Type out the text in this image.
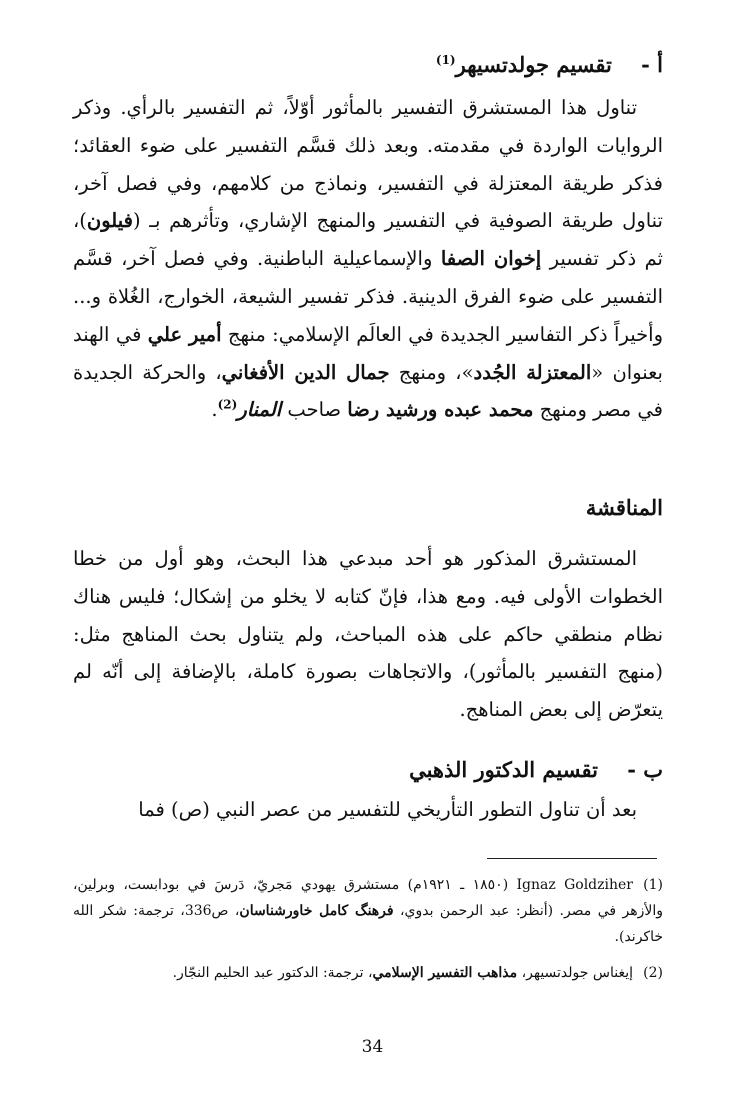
أ -    تقسيم جولدتسيهر$^{(1)}$
تناول هذا المستشرق التفسير بالمأثور أوّلاً، ثم التفسير بالرأي. وذكر الروايات الواردة في مقدمته. وبعد ذلك قسَّم التفسير على ضوء العقائد؛ فذكر طريقة المعتزلة في التفسير، ونماذج من كلامهم، وفي فصل آخر، تناول طريقة الصوفية في التفسير والمنهج الإشاري، وتأثرهم بـ (فيلون)، ثم ذكر تفسير إخوان الصفا والإسماعيلية الباطنية. وفي فصل آخر، قسَّم التفسير على ضوء الفرق الدينية. فذكر تفسير الشيعة، الخوارج، الغُلاة و... وأخيراً ذكر التفاسير الجديدة في العالَم الإسلامي: منهج أمير علي في الهند بعنوان «المعتزلة الجُدد»، ومنهج جمال الدين الأفغاني، والحركة الجديدة في مصر ومنهج محمد عبده ورشيد رضا صاحب المنار$^{(2)}$.
المناقشة
المستشرق المذكور هو أحد مبدعي هذا البحث، وهو أول من خطا الخطوات الأولى فيه. ومع هذا، فإنّ كتابه لا يخلو من إشكال؛ فليس هناك نظام منطقي حاكم على هذه المباحث، ولم يتناول بحث المناهج مثل: (منهج التفسير بالمأثور)، والاتجاهات بصورة كاملة، بالإضافة إلى أنّه لم يتعرّض إلى بعض المناهج.
ب -    تقسيم الدكتور الذهبي
بعد أن تناول التطور التأريخي للتفسير من عصر النبي (ص) فما
(1)Ignaz Goldziher (١٨٥٠ ـ ١٩٢١م) مستشرق يهودي مَجريّ، دَرسَ في بودابست، وبرلين، والأزهر في مصر. (أنظر: عبد الرحمن بدوي، فرهنگ كامل خاورشناسان، ص336، ترجمة: شكر الله خاكرند).
(2)إيغناس جولدتسيهر، مذاهب التفسير الإسلامي، ترجمة: الدكتور عبد الحليم النجّار.
34
